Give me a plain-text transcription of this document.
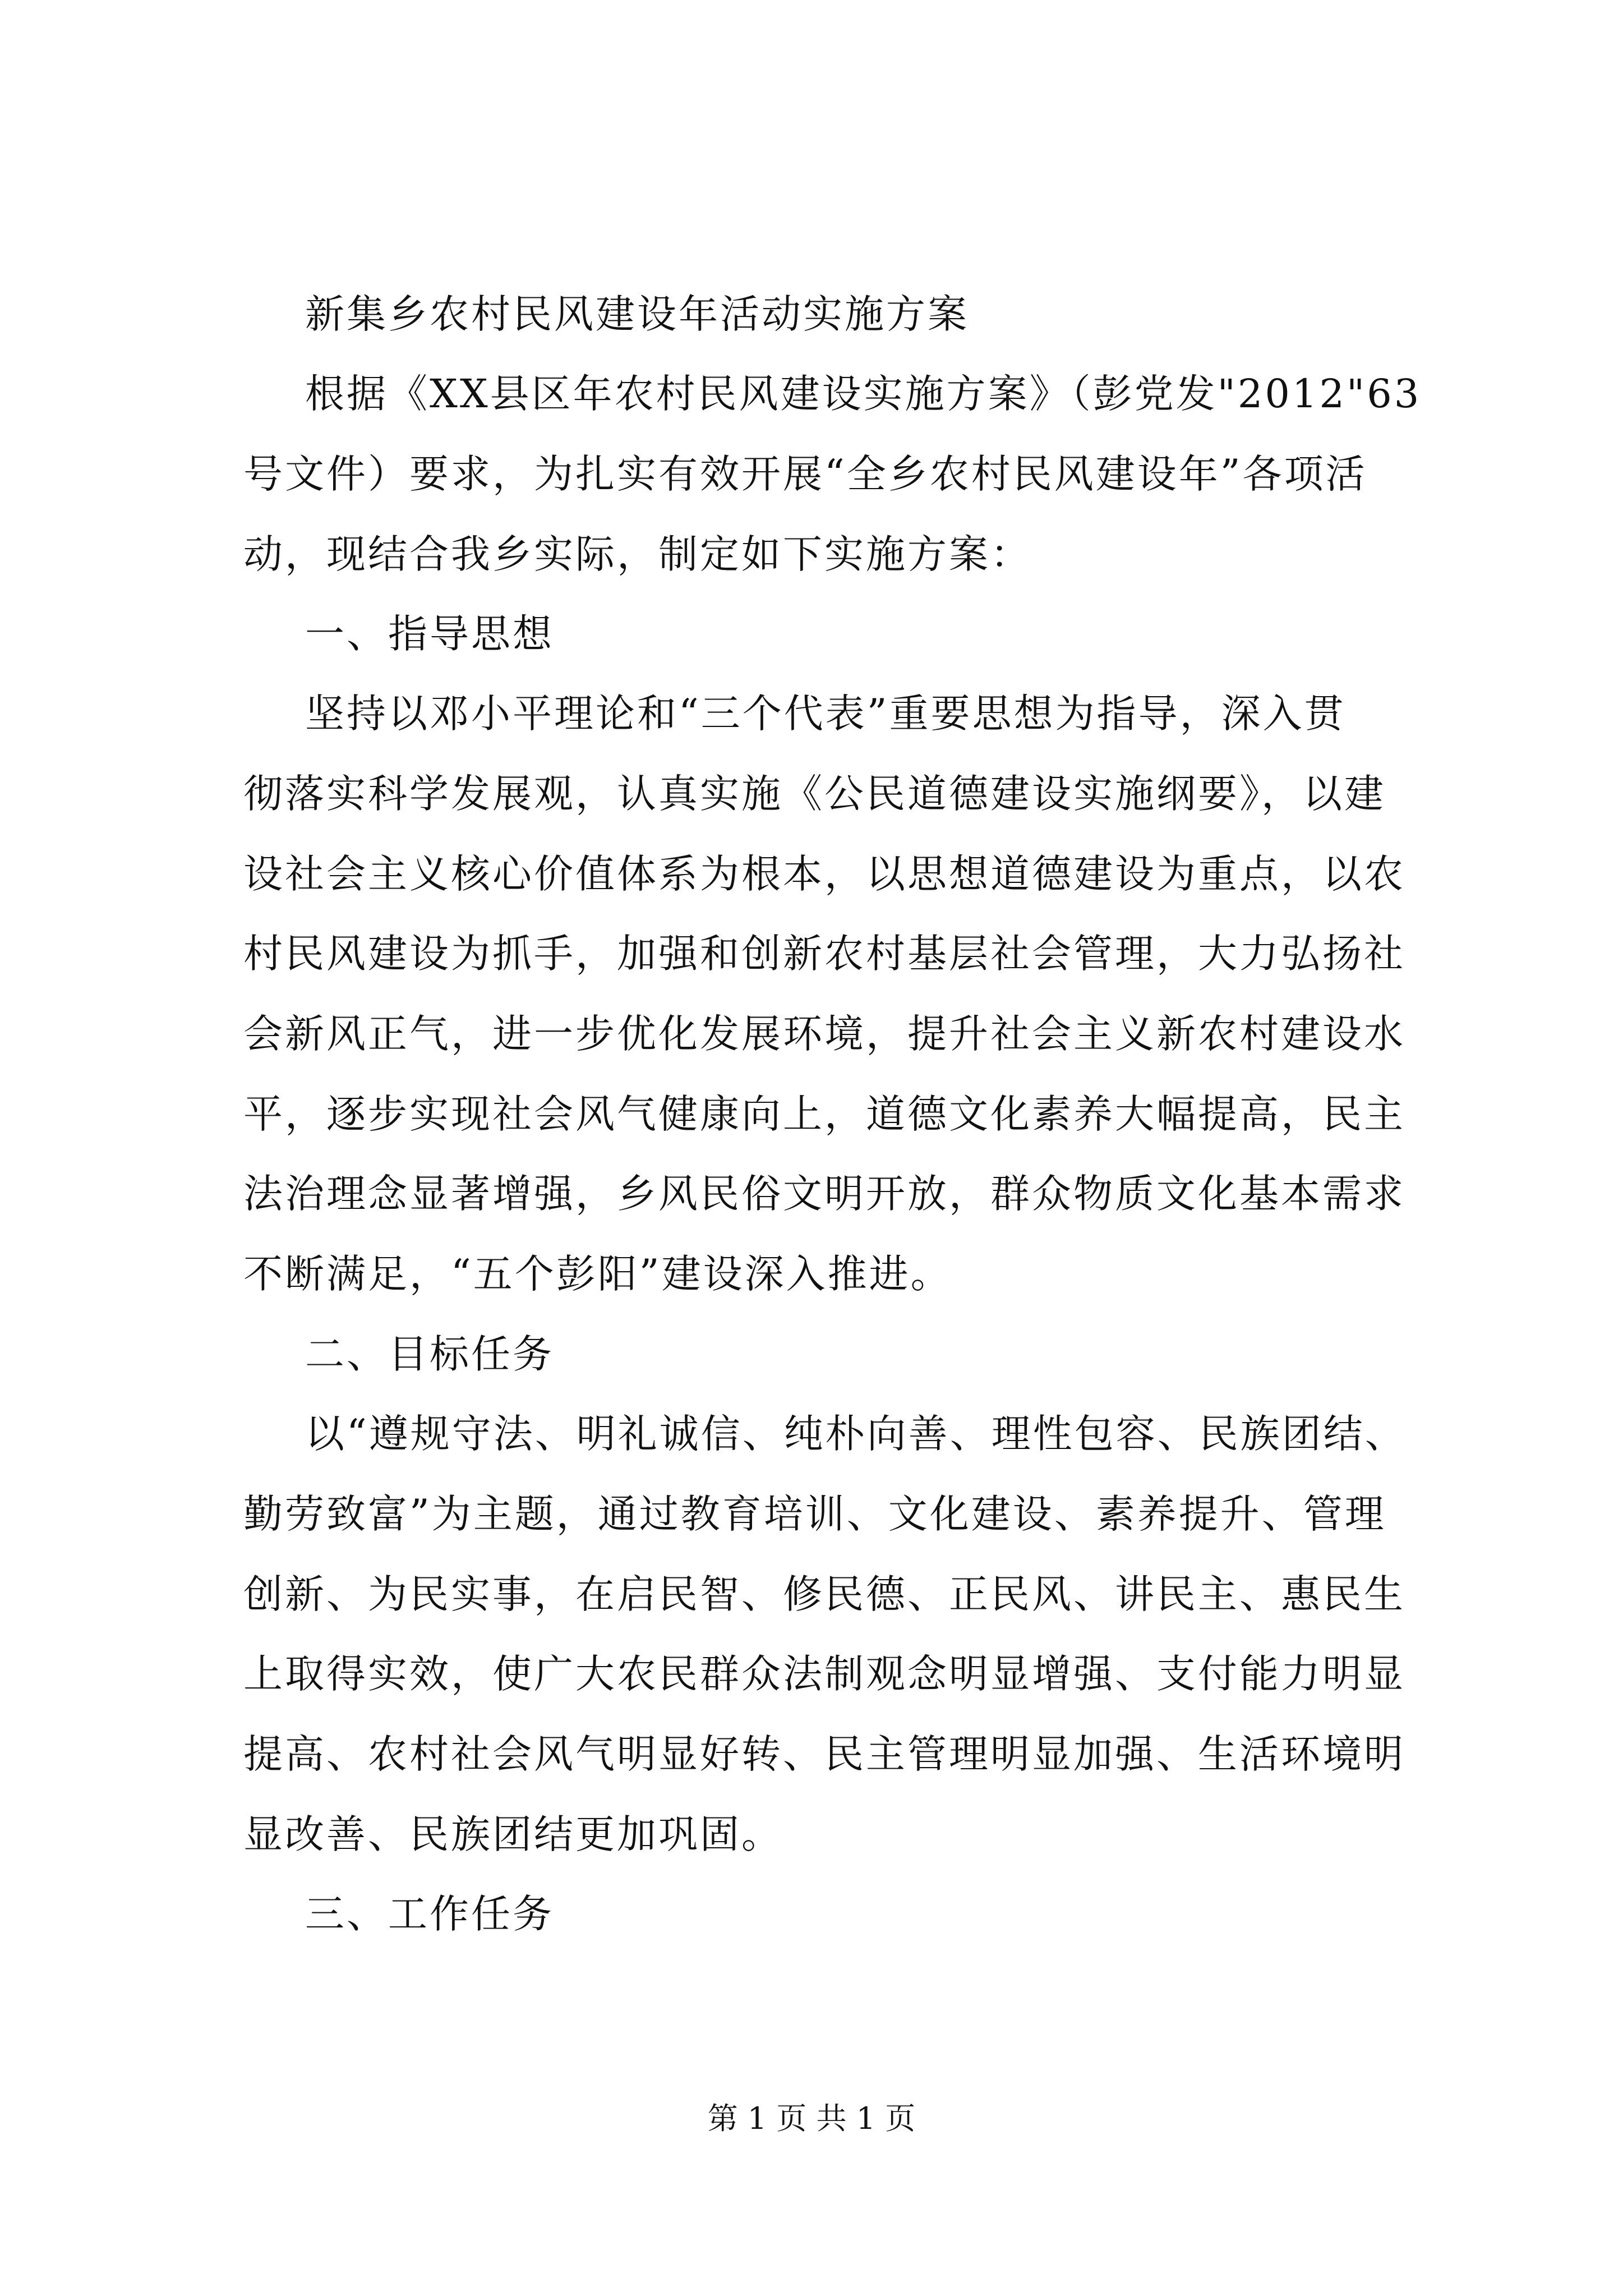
新集乡农村民风建设年活动实施方案
根据《XX县区年农村民风建设实施方案》（彭党发"2012"63
号文件）要求，为扎实有效开展“全乡农村民风建设年”各项活
动，现结合我乡实际，制定如下实施方案：
一、指导思想
坚持以邓小平理论和“三个代表”重要思想为指导，深入贯
彻落实科学发展观，认真实施《公民道德建设实施纲要》，以建
设社会主义核心价值体系为根本，以思想道德建设为重点，以农
村民风建设为抓手，加强和创新农村基层社会管理，大力弘扬社
会新风正气，进一步优化发展环境，提升社会主义新农村建设水
平，逐步实现社会风气健康向上，道德文化素养大幅提高，民主
法治理念显著增强，乡风民俗文明开放，群众物质文化基本需求
不断满足，“五个彭阳”建设深入推进。
二、目标任务
以“遵规守法、明礼诚信、纯朴向善、理性包容、民族团结、
勤劳致富”为主题，通过教育培训、文化建设、素养提升、管理
创新、为民实事，在启民智、修民德、正民风、讲民主、惠民生
上取得实效，使广大农民群众法制观念明显增强、支付能力明显
提高、农村社会风气明显好转、民主管理明显加强、生活环境明
显改善、民族团结更加巩固。
三、工作任务
第 1 页 共 1 页
